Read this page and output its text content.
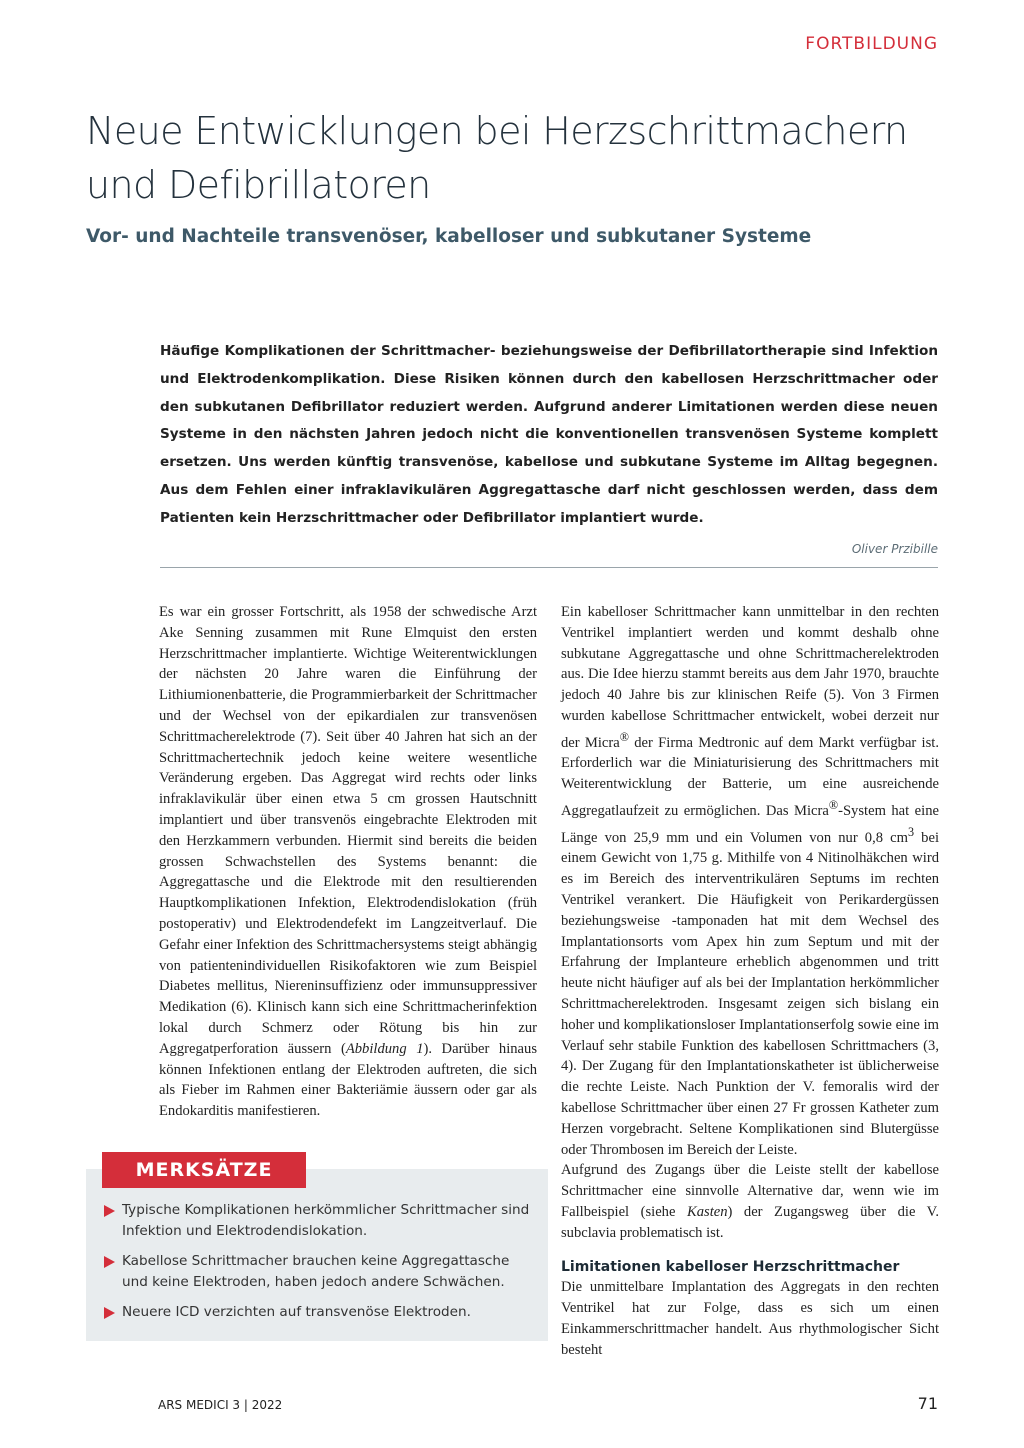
FORTBILDUNG
Neue Entwicklungen bei Herzschrittmachern und Defibrillatoren
Vor- und Nachteile transvenöser, kabelloser und subkutaner Systeme

Häufige Komplikationen der Schrittmacher- beziehungsweise der Defibrillatortherapie sind Infektion und Elektrodenkomplikation. Diese Risiken können durch den kabellosen Herzschrittmacher oder den subkutanen Defibrillator reduziert werden. Aufgrund anderer Limitationen werden diese neuen Systeme in den nächsten Jahren jedoch nicht die konventionellen transvenösen Systeme komplett ersetzen. Uns werden künftig transvenöse, kabellose und subkutane Systeme im Alltag begegnen. Aus dem Fehlen einer infraklavikulären Aggregattasche darf nicht geschlossen werden, dass dem Patienten kein Herzschrittmacher oder Defibrillator implantiert wurde.

Oliver Przibille

Es war ein grosser Fortschritt, als 1958 der schwedische Arzt Ake Senning zusammen mit Rune Elmquist den ersten Herzschrittmacher implantierte. Wichtige Weiterentwicklungen der nächsten 20 Jahre waren die Einführung der Lithiumionenbatterie, die Programmierbarkeit der Schrittmacher und der Wechsel von der epikardialen zur transvenösen Schrittmacherelektrode (7). Seit über 40 Jahren hat sich an der Schrittmachertechnik jedoch keine weitere wesentliche Veränderung ergeben. Das Aggregat wird rechts oder links infraklavikulär über einen etwa 5 cm grossen Hautschnitt implantiert und über transvenös eingebrachte Elektroden mit den Herzkammern verbunden. Hiermit sind bereits die beiden grossen Schwachstellen des Systems benannt: die Aggregattasche und die Elektrode mit den resultierenden Hauptkomplikationen Infektion, Elektrodendislokation (früh postoperativ) und Elektrodendefekt im Langzeitverlauf. Die Gefahr einer Infektion des Schrittmachersystems steigt abhängig von patientenindividuellen Risikofaktoren wie zum Beispiel Diabetes mellitus, Niereninsuffizienz oder immunsuppressiver Medikation (6). Klinisch kann sich eine Schrittmacherinfektion lokal durch Schmerz oder Rötung bis hin zur Aggregatperforation äussern (Abbildung 1). Darüber hinaus können Infektionen entlang der Elektroden auftreten, die sich als Fieber im Rahmen einer Bakteriämie äussern oder gar als Endokarditis manifestieren.

Ein kabelloser Schrittmacher kann unmittelbar in den rechten Ventrikel implantiert werden und kommt deshalb ohne subkutane Aggregattasche und ohne Schrittmacherelektroden aus. Die Idee hierzu stammt bereits aus dem Jahr 1970, brauchte jedoch 40 Jahre bis zur klinischen Reife (5). Von 3 Firmen wurden kabellose Schrittmacher entwickelt, wobei derzeit nur der Micra® der Firma Medtronic auf dem Markt verfügbar ist. Erforderlich war die Miniaturisierung des Schrittmachers mit Weiterentwicklung der Batterie, um eine ausreichende Aggregatlaufzeit zu ermöglichen. Das Micra®-System hat eine Länge von 25,9 mm und ein Volumen von nur 0,8 $cm^3$ bei einem Gewicht von 1,75 g. Mithilfe von 4 Nitinolhäkchen wird es im Bereich des interventrikulären Septums im rechten Ventrikel verankert. Die Häufigkeit von Perikardergüssen beziehungsweise -tamponaden hat mit dem Wechsel des Implantationsorts vom Apex hin zum Septum und mit der Erfahrung der Implanteure erheblich abgenommen und tritt heute nicht häufiger auf als bei der Implantation herkömmlicher Schrittmacherelektroden. Insgesamt zeigen sich bislang ein hoher und komplikationsloser Implantationserfolg sowie eine im Verlauf sehr stabile Funktion des kabellosen Schrittmachers (3, 4). Der Zugang für den Implantationskatheter ist üblicherweise die rechte Leiste. Nach Punktion der V. femoralis wird der kabellose Schrittmacher über einen 27 Fr grossen Katheter zum Herzen vorgebracht. Seltene Komplikationen sind Blutergüsse oder Thrombosen im Bereich der Leiste.

Aufgrund des Zugangs über die Leiste stellt der kabellose Schrittmacher eine sinnvolle Alternative dar, wenn wie im Fallbeispiel (siehe Kasten) der Zugangsweg über die V. subclavia problematisch ist.

Limitationen kabelloser Herzschrittmacher

Die unmittelbare Implantation des Aggregats in den rechten Ventrikel hat zur Folge, dass es sich um einen Einkammerschrittmacher handelt. Aus rhythmologischer Sicht besteht

MERKSÄTZE
Typische Komplikationen herkömmlicher Schrittmacher sind Infektion und Elektrodendislokation.
Kabellose Schrittmacher brauchen keine Aggregattasche und keine Elektroden, haben jedoch andere Schwächen.
Neuere ICD verzichten auf transvenöse Elektroden.
ARS MEDICI 3 | 2022	71
